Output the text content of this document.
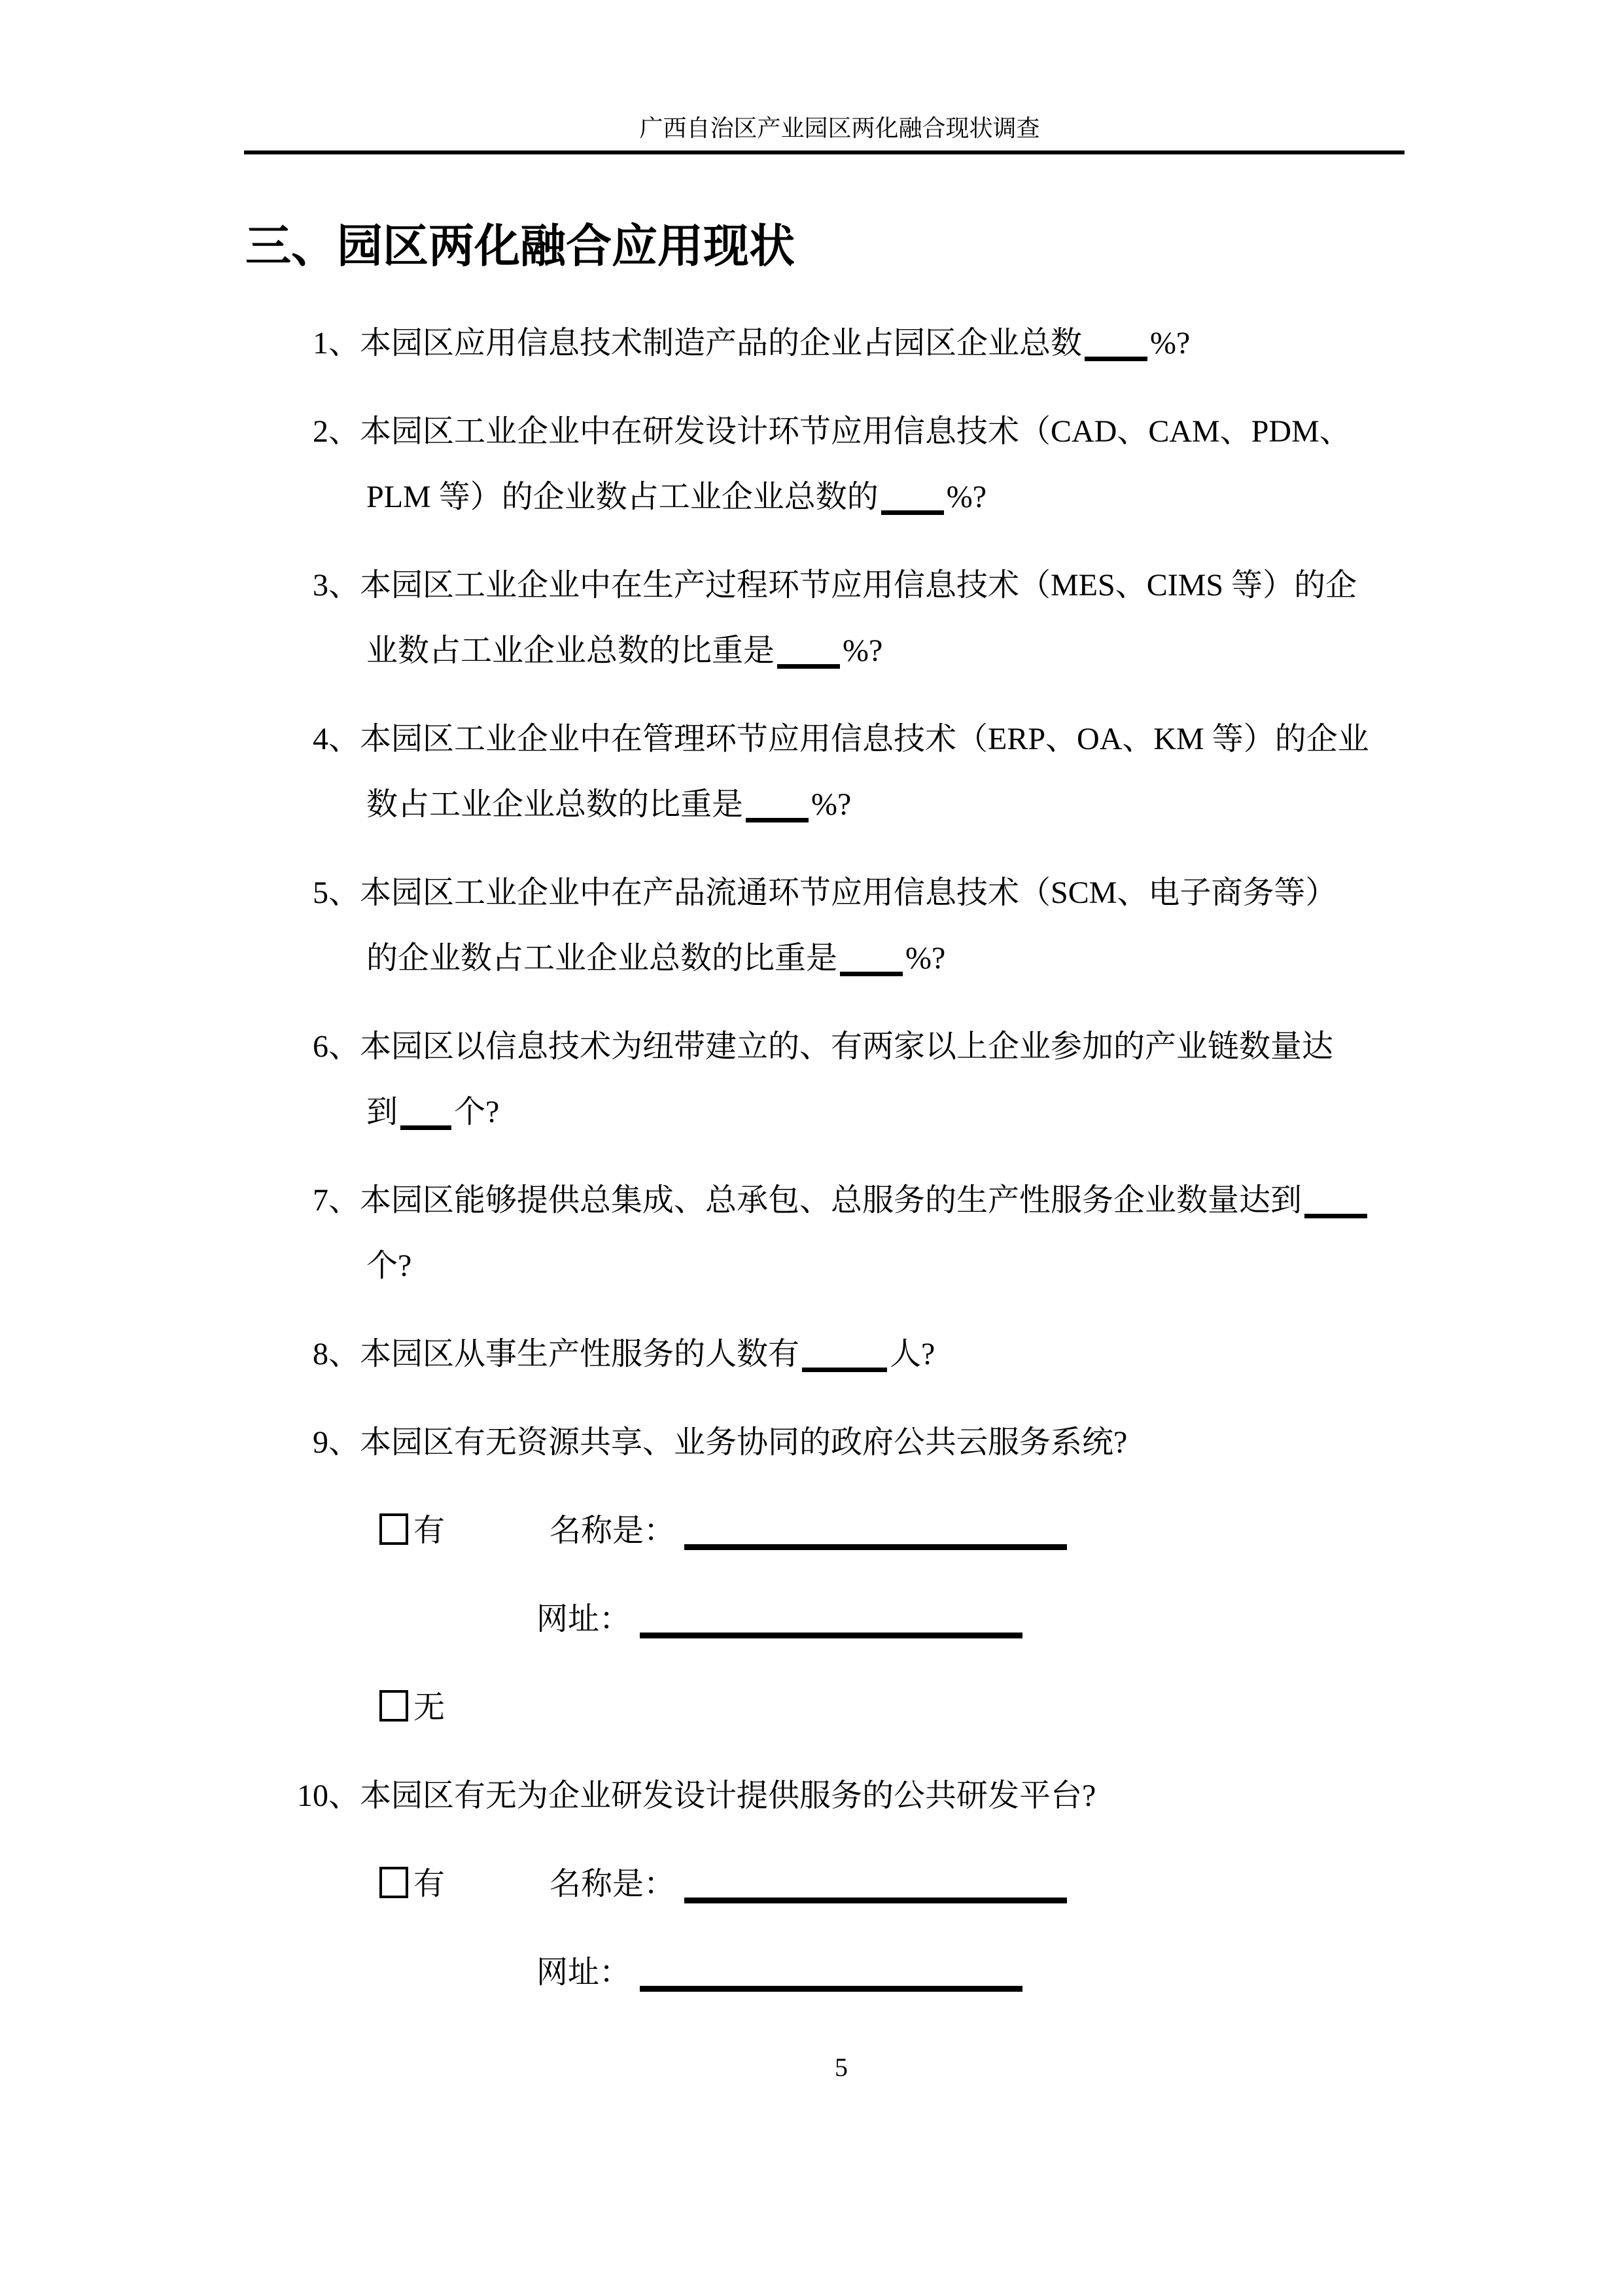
广西自治区产业园区两化融合现状调查
三、园区两化融合应用现状

1、本园区应用信息技术制造产品的企业占园区企业总数 %?

2、本园区工业企业中在研发设计环节应用信息技术（CAD、CAM、PDM、
PLM 等）的企业数占工业企业总数的 %?

3、本园区工业企业中在生产过程环节应用信息技术（MES、CIMS 等）的企
业数占工业企业总数的比重是 %?

4、本园区工业企业中在管理环节应用信息技术（ERP、OA、KM 等）的企业
数占工业企业总数的比重是 %?

5、本园区工业企业中在产品流通环节应用信息技术（SCM、电子商务等）
的企业数占工业企业总数的比重是 %?

6、本园区以信息技术为纽带建立的、有两家以上企业参加的产业链数量达
到 个?

7、本园区能够提供总集成、总承包、总服务的生产性服务企业数量达到
个?

8、本园区从事生产性服务的人数有	人?

9、本园区有无资源共享、业务协同的政府公共云服务系统?

有	名称是：

网址：

无

10、本园区有无为企业研发设计提供服务的公共研发平台?

有	名称是：

网址：

5
